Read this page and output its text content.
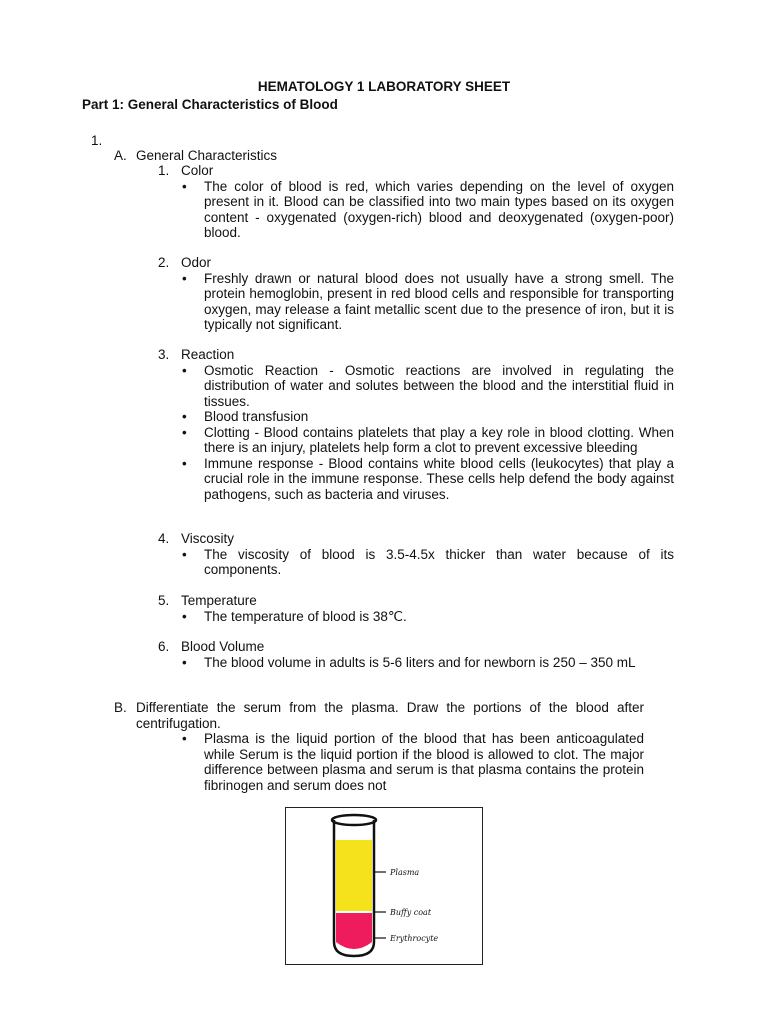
HEMATOLOGY 1 LABORATORY SHEET
Part 1: General Characteristics of Blood
1.
A. General Characteristics
1. Color
• The color of blood is red, which varies depending on the level of oxygen present in it. Blood can be classified into two main types based on its oxygen content - oxygenated (oxygen-rich) blood and deoxygenated (oxygen-poor) blood.
2. Odor
• Freshly drawn or natural blood does not usually have a strong smell. The protein hemoglobin, present in red blood cells and responsible for transporting oxygen, may release a faint metallic scent due to the presence of iron, but it is typically not significant.
3. Reaction
• Osmotic Reaction - Osmotic reactions are involved in regulating the distribution of water and solutes between the blood and the interstitial fluid in tissues.
• Blood transfusion
• Clotting - Blood contains platelets that play a key role in blood clotting. When there is an injury, platelets help form a clot to prevent excessive bleeding
• Immune response - Blood contains white blood cells (leukocytes) that play a crucial role in the immune response. These cells help defend the body against pathogens, such as bacteria and viruses.
4. Viscosity
• The viscosity of blood is 3.5-4.5x thicker than water because of its components.
5. Temperature
• The temperature of blood is 38℃.
6. Blood Volume
• The blood volume in adults is 5-6 liters and for newborn is 250 – 350 mL
B. Differentiate the serum from the plasma. Draw the portions of the blood after centrifugation.
• Plasma is the liquid portion of the blood that has been anticoagulated while Serum is the liquid portion if the blood is allowed to clot. The major difference between plasma and serum is that plasma contains the protein fibrinogen and serum does not
Plasma
Buffy coat
Erythrocyte
